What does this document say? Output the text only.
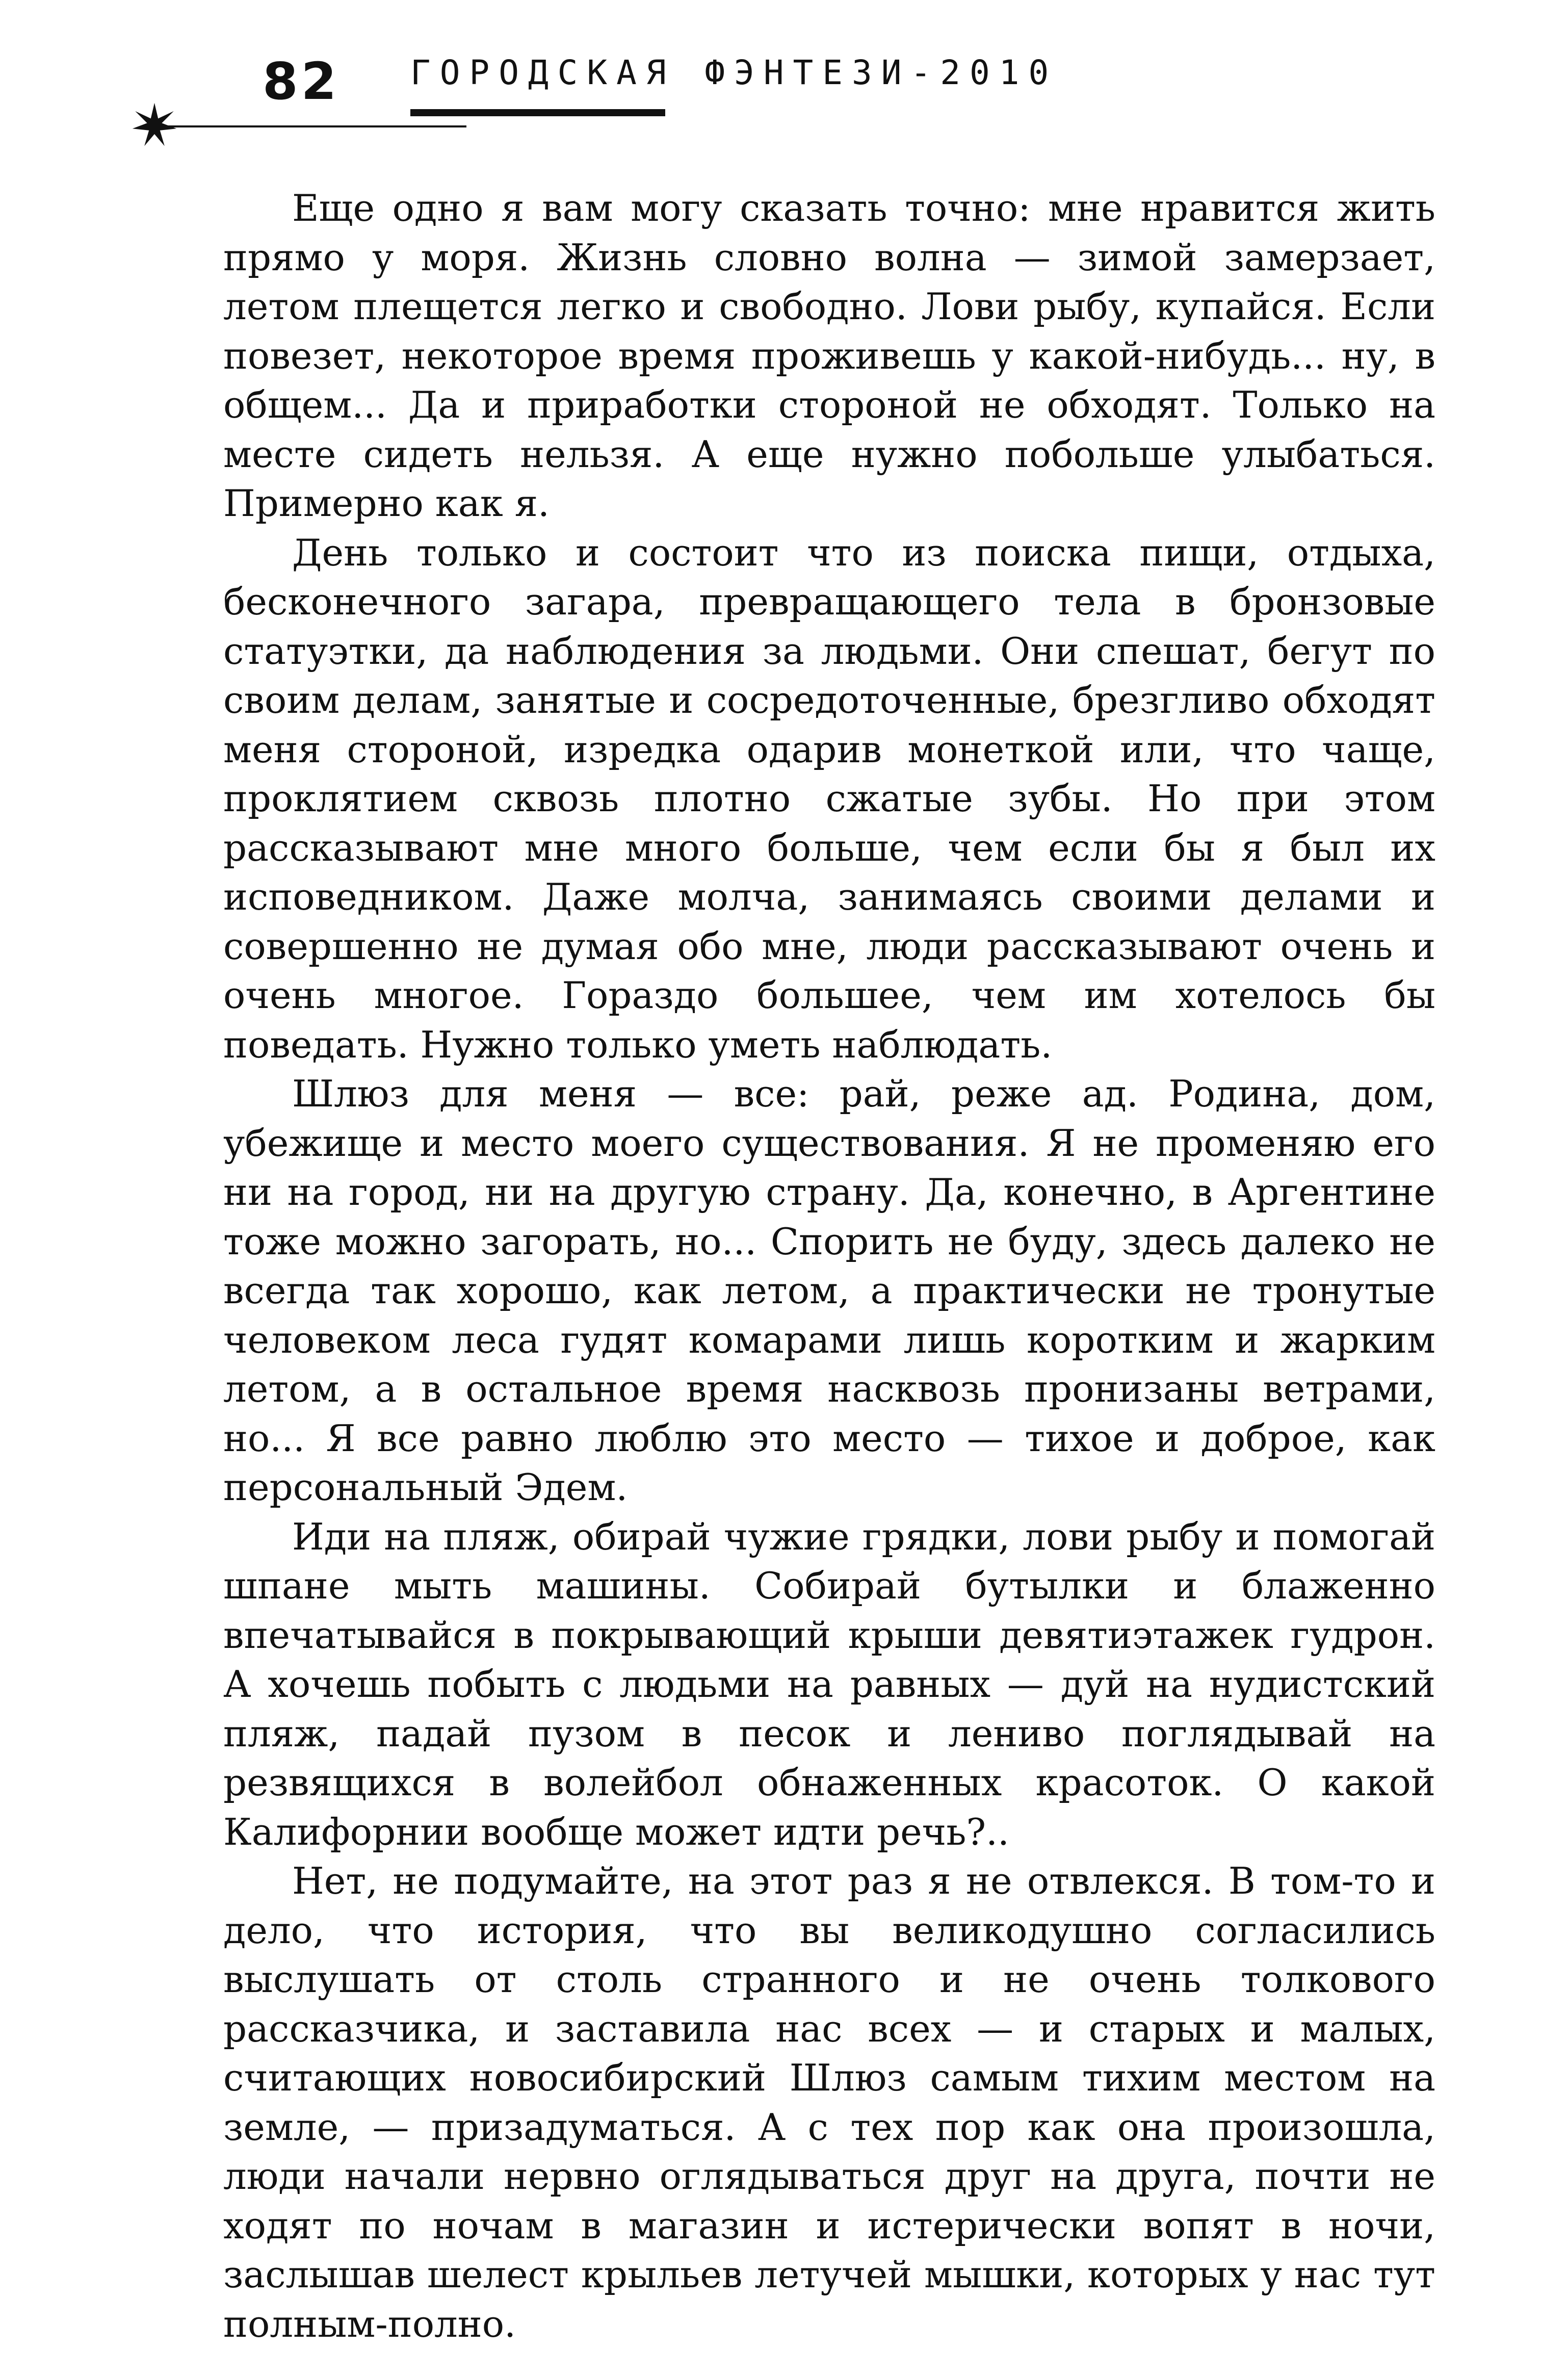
82 ГОРОДСКАЯ ФЭНТЕЗИ-2010

Еще одно я вам могу сказать точно: мне нравится жить прямо у моря. Жизнь словно волна — зимой замерзает, летом плещется легко и свободно. Лови рыбу, купайся. Если повезет, некоторое время проживешь у какой-нибудь... ну, в общем... Да и приработки стороной не обходят. Только на месте сидеть нельзя. А еще нужно побольше улыбаться. Примерно как я.

День только и состоит что из поиска пищи, отдыха, бесконечного загара, превращающего тела в бронзовые статуэтки, да наблюдения за людьми. Они спешат, бегут по своим делам, занятые и сосредоточенные, брезгливо обходят меня стороной, изредка одарив монеткой или, что чаще, проклятием сквозь плотно сжатые зубы. Но при этом рассказывают мне много больше, чем если бы я был их исповедником. Даже молча, занимаясь своими делами и совершенно не думая обо мне, люди рассказывают очень и очень многое. Гораздо большее, чем им хотелось бы поведать. Нужно только уметь наблюдать.

Шлюз для меня — все: рай, реже ад. Родина, дом, убежище и место моего существования. Я не променяю его ни на город, ни на другую страну. Да, конечно, в Аргентине тоже можно загорать, но... Спорить не буду, здесь далеко не всегда так хорошо, как летом, а практически не тронутые человеком леса гудят комарами лишь коротким и жарким летом, а в остальное время насквозь пронизаны ветрами, но... Я все равно люблю это место — тихое и доброе, как персональный Эдем.

Иди на пляж, обирай чужие грядки, лови рыбу и помогай шпане мыть машины. Собирай бутылки и блаженно впечатывайся в покрывающий крыши девятиэтажек гудрон. А хочешь побыть с людьми на равных — дуй на нудистский пляж, падай пузом в песок и лениво поглядывай на резвящихся в волейбол обнаженных красоток. О какой Калифорнии вообще может идти речь?..

Нет, не подумайте, на этот раз я не отвлекся. В том-то и дело, что история, что вы великодушно согласились выслушать от столь странного и не очень толкового рассказчика, и заставила нас всех — и старых и малых, считающих новосибирский Шлюз самым тихим местом на земле, — призадуматься. А с тех пор как она произошла, люди начали нервно оглядываться друг на друга, почти не ходят по ночам в магазин и истерически вопят в ночи, заслышав шелест крыльев летучей мышки, которых у нас тут полным-полно.
